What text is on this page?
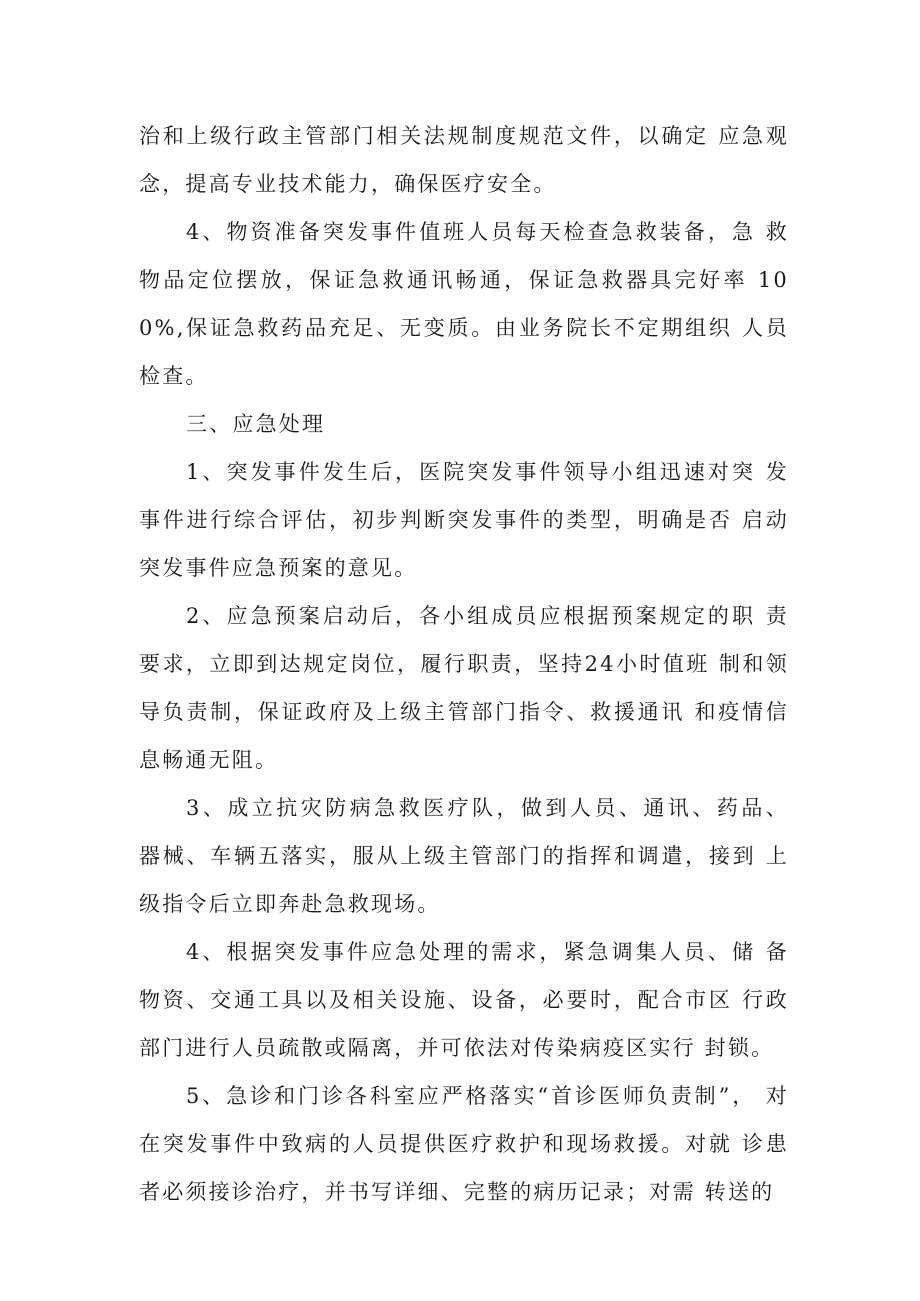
治和上级行政主管部门相关法规制度规范文件，以确定 应急观念，提高专业技术能力，确保医疗安全。

4、物资准备突发事件值班人员每天检查急救装备，急 救物品定位摆放，保证急救通讯畅通，保证急救器具完好率 100%,保证急救药品充足、无变质。由业务院长不定期组织 人员检查。

三、应急处理

1、突发事件发生后，医院突发事件领导小组迅速对突 发事件进行综合评估，初步判断突发事件的类型，明确是否 启动突发事件应急预案的意见。

2、应急预案启动后，各小组成员应根据预案规定的职 责要求，立即到达规定岗位，履行职责，坚持24小时值班 制和领导负责制，保证政府及上级主管部门指令、救援通讯 和疫情信息畅通无阻。

3、成立抗灾防病急救医疗队，做到人员、通讯、药品、 器械、车辆五落实，服从上级主管部门的指挥和调遣，接到 上级指令后立即奔赴急救现场。

4、根据突发事件应急处理的需求，紧急调集人员、储 备物资、交通工具以及相关设施、设备，必要时，配合市区 行政部门进行人员疏散或隔离，并可依法对传染病疫区实行 封锁。

5、急诊和门诊各科室应严格落实“首诊医师负责制”， 对在突发事件中致病的人员提供医疗救护和现场救援。对就 诊患者必须接诊治疗，并书写详细、完整的病历记录；对需 转送的
